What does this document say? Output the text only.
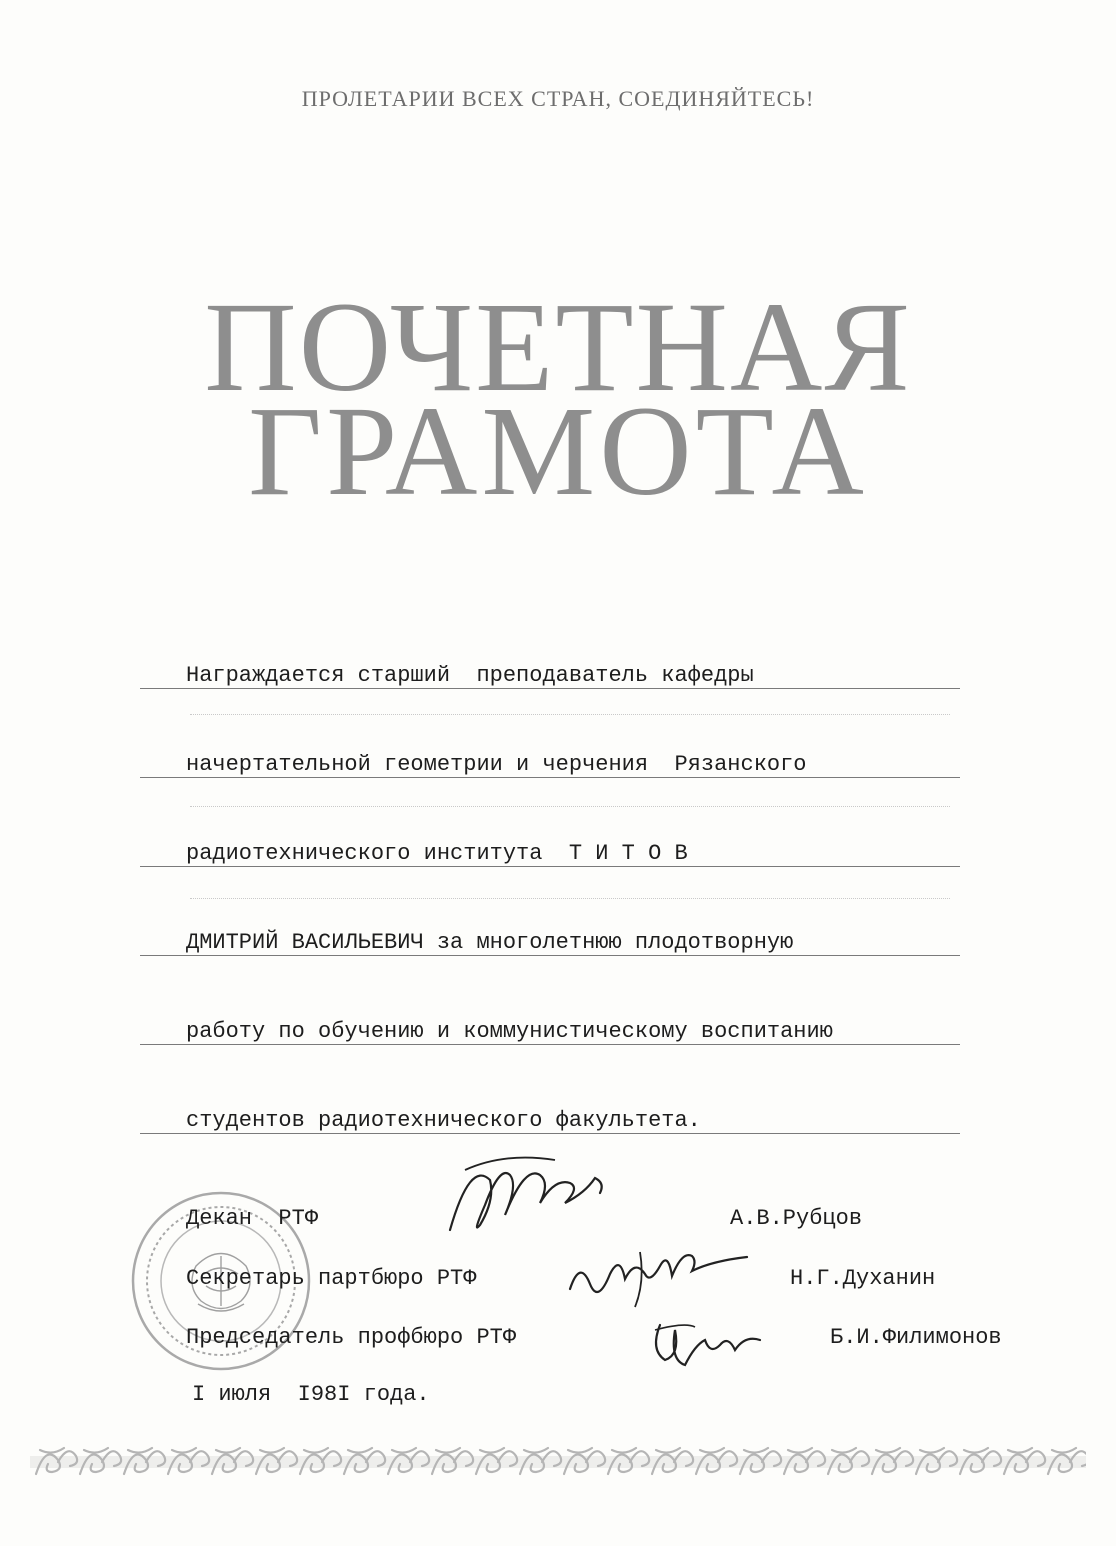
ПРОЛЕТАРИИ ВСЕХ СТРАН, СОЕДИНЯЙТЕСЬ!
ПОЧЕТНАЯ
ГРАМОТА
Награждается старший  преподаватель кафедры
начертательной геометрии и черчения  Рязанского
радиотехнического института  Т И Т О В
ДМИТРИЙ ВАСИЛЬЕВИЧ за многолетнюю плодотворную
работу по обучению и коммунистическому воспитанию
студентов радиотехнического факультета.
Декан  РТФ	А.В.Рубцов
Секретарь партбюро РТФ	Н.Г.Духанин
Председатель профбюро РТФ	Б.И.Филимонов
I июля  I98I года.
